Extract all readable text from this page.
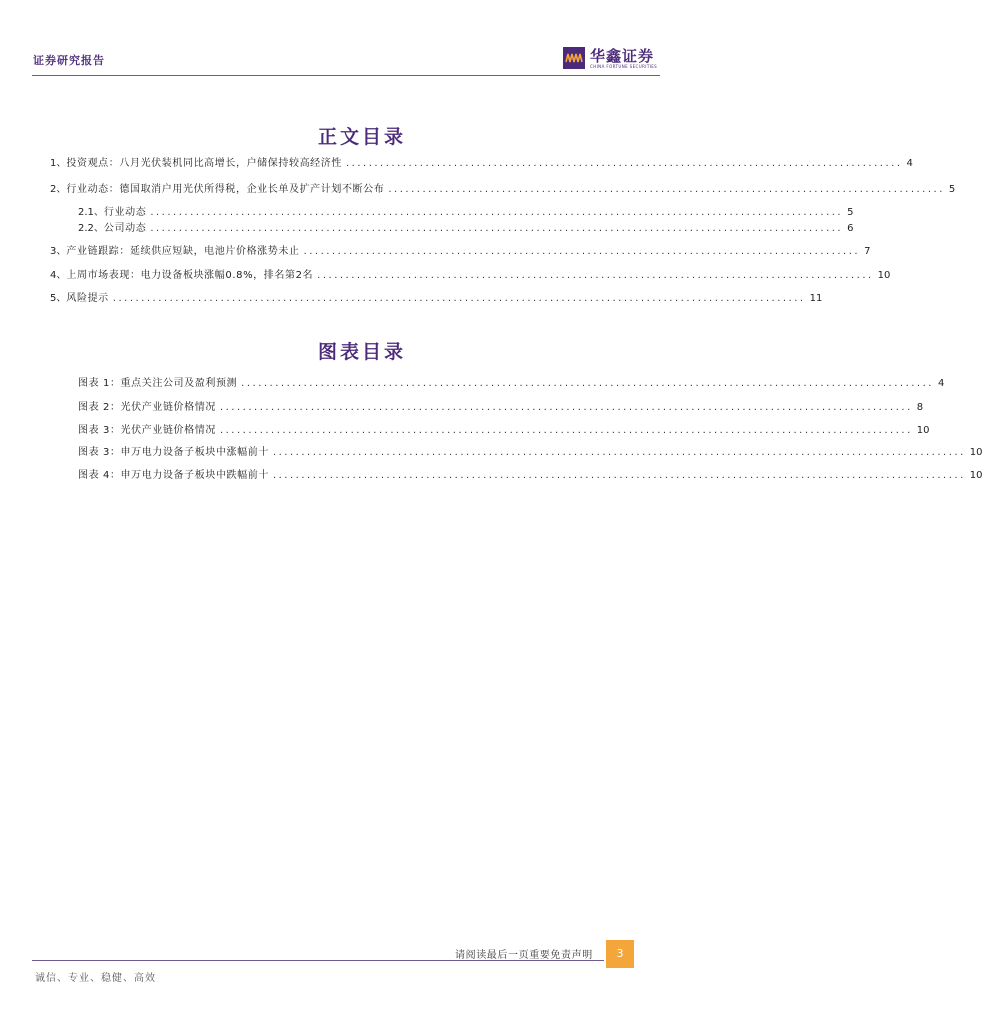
证券研究报告	华鑫证券
CHINA FORTUNE SECURITIES
正文目录
1、 投资观点：八月光伏装机同比高增长，户储保持较高经济性 .................................................................................................. 4
2、 行业动态：德国取消户用光伏所得税，企业长单及扩产计划不断公布 .................................................................................................. 5
2.1、 行业动态 .......................................................................................................................... 5
2.2、 公司动态 .......................................................................................................................... 6
3、 产业链跟踪：延续供应短缺，电池片价格涨势未止 .................................................................................................. 7
4、 上周市场表现：电力设备板块涨幅0.8%，排名第2名 .................................................................................................. 10
5、 风险提示 .......................................................................................................................... 11
图表目录
图表 1：重点关注公司及盈利预测 .......................................................................................................................... 4
图表 2：光伏产业链价格情况 .......................................................................................................................... 8
图表 3：光伏产业链价格情况 .......................................................................................................................... 10
图表 3：申万电力设备子板块中涨幅前十 .......................................................................................................................... 10
图表 4：申万电力设备子板块中跌幅前十 .......................................................................................................................... 10
请阅读最后一页重要免责声明	3
诚信、专业、稳健、高效
